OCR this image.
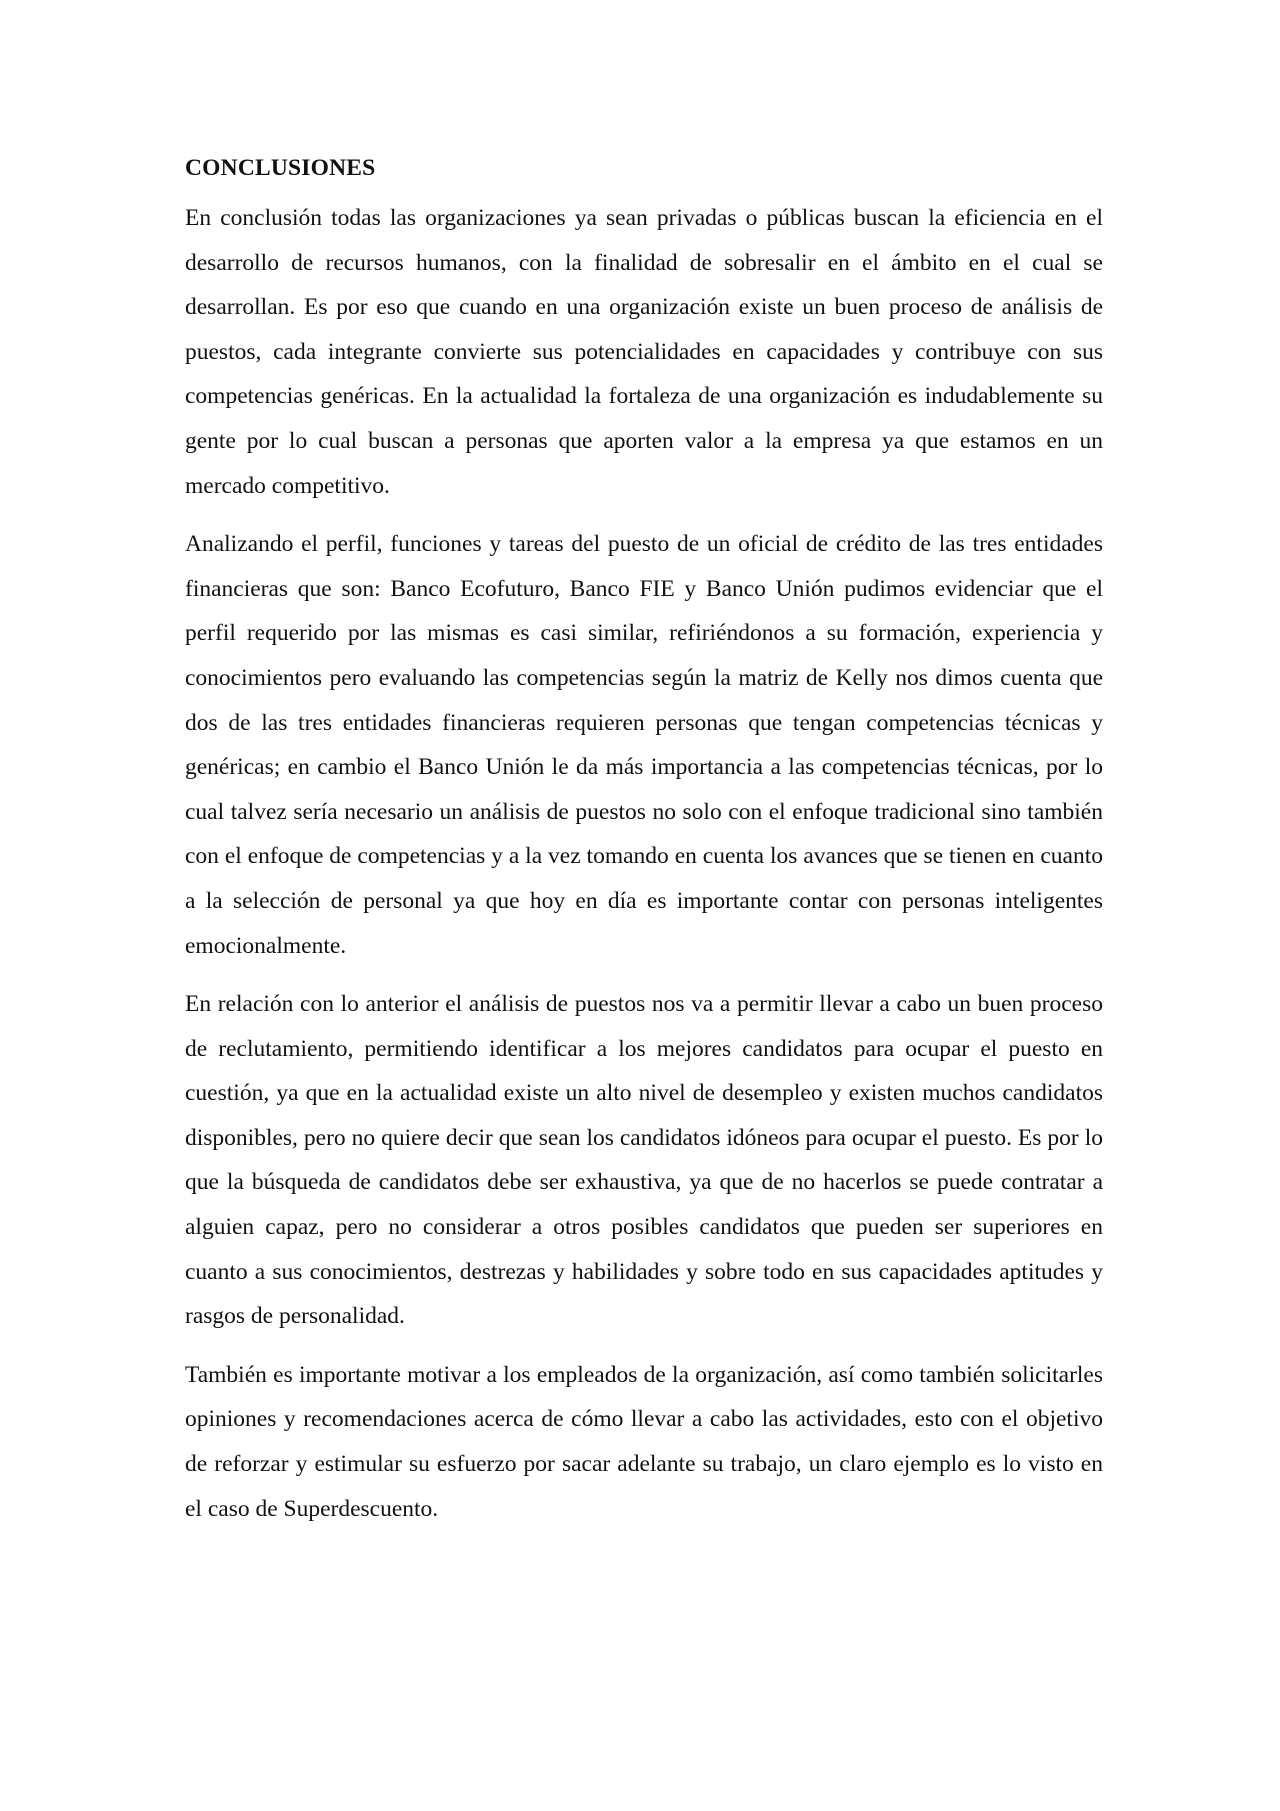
CONCLUSIONES

En conclusión todas las organizaciones ya sean privadas o públicas buscan la eficiencia en el desarrollo de recursos humanos, con la finalidad de sobresalir en el ámbito en el cual se desarrollan. Es por eso que cuando en una organización existe un buen proceso de análisis de puestos, cada integrante convierte sus potencialidades en capacidades y contribuye con sus competencias genéricas. En la actualidad la fortaleza de una organización es indudablemente su gente por lo cual buscan a personas que aporten valor a la empresa ya que estamos en un mercado competitivo.

Analizando el perfil, funciones y tareas del puesto de un oficial de crédito de las tres entidades financieras que son: Banco Ecofuturo, Banco FIE y Banco Unión pudimos evidenciar que el perfil requerido por las mismas es casi similar, refiriéndonos a su formación, experiencia y conocimientos pero evaluando las competencias según la matriz de Kelly nos dimos cuenta que dos de las tres entidades financieras requieren personas que tengan competencias técnicas y genéricas; en cambio el Banco Unión le da más importancia a las competencias técnicas, por lo cual talvez sería necesario un análisis de puestos no solo con el enfoque tradicional sino también con el enfoque de competencias y a la vez tomando en cuenta los avances que se tienen en cuanto a la selección de personal ya que hoy en día es importante contar con personas inteligentes emocionalmente.

En relación con lo anterior el análisis de puestos nos va a permitir llevar a cabo un buen proceso de reclutamiento, permitiendo identificar a los mejores candidatos para ocupar el puesto en cuestión, ya que en la actualidad existe un alto nivel de desempleo y existen muchos candidatos disponibles, pero no quiere decir que sean los candidatos idóneos para ocupar el puesto. Es por lo que la búsqueda de candidatos debe ser exhaustiva, ya que de no hacerlos se puede contratar a alguien capaz, pero no considerar a otros posibles candidatos que pueden ser superiores en cuanto a sus conocimientos, destrezas y habilidades y sobre todo en sus capacidades aptitudes y rasgos de personalidad.

También es importante motivar a los empleados de la organización, así como también solicitarles opiniones y recomendaciones acerca de cómo llevar a cabo las actividades, esto con el objetivo de reforzar y estimular su esfuerzo por sacar adelante su trabajo, un claro ejemplo es lo visto en el caso de Superdescuento.
